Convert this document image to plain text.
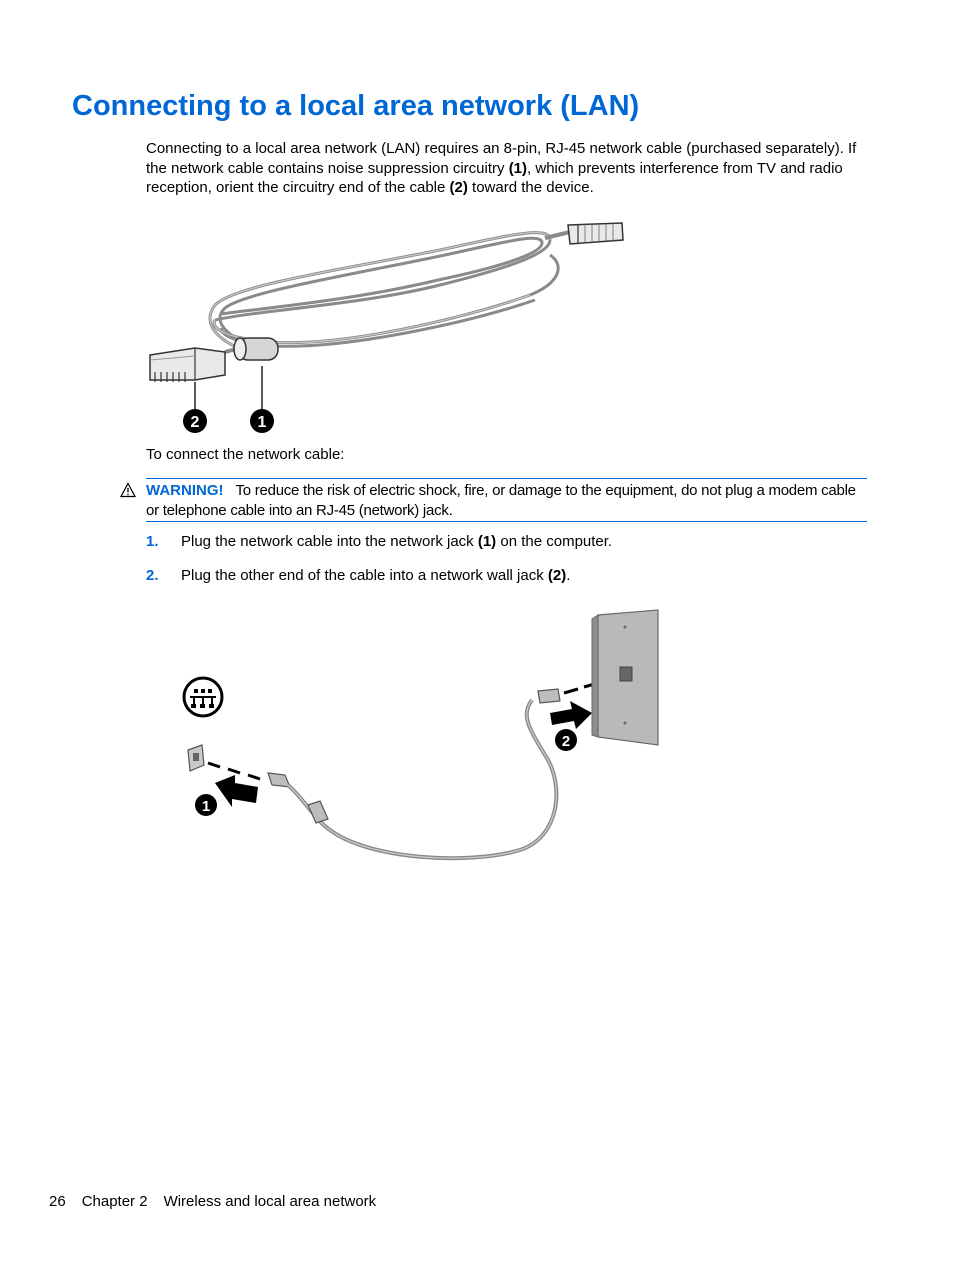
Connecting to a local area network (LAN)

Connecting to a local area network (LAN) requires an 8-pin, RJ-45 network cable (purchased separately). If the network cable contains noise suppression circuitry (1), which prevents interference from TV and radio reception, orient the circuitry end of the cable (2) toward the device.

2	1

To connect the network cable:

WARNING! To reduce the risk of electric shock, fire, or damage to the equipment, do not plug a modem cable or telephone cable into an RJ-45 (network) jack.
1. Plug the network cable into the network jack (1) on the computer.
2. Plug the other end of the cable into a network wall jack (2).
1
2
26 Chapter 2 Wireless and local area network
